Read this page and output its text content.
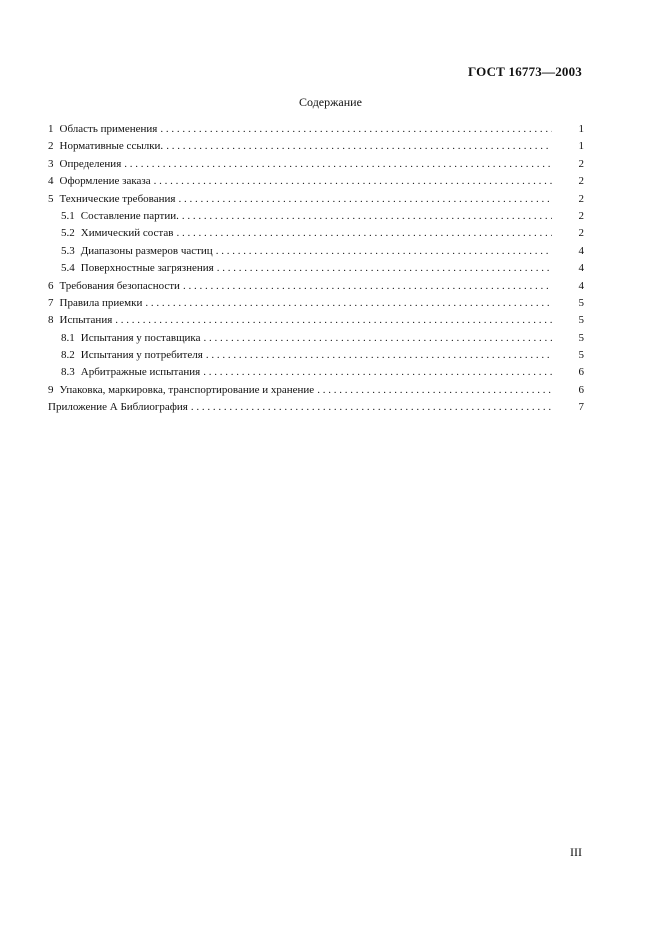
ГОСТ 16773—2003
Содержание
1 Область применения . . .	1
2 Нормативные ссылки. . . .	1
3 Определения . . .	2
4 Оформление заказа . . .	2
5 Технические требования . . .	2
5.1 Составление партии. . . .	2
5.2 Химический состав . . .	2
5.3 Диапазоны размеров частиц . . .	4
5.4 Поверхностные загрязнения . . .	4
6 Требования безопасности . . .	4
7 Правила приемки . . .	5
8 Испытания . . .	5
8.1 Испытания у поставщика . . .	5
8.2 Испытания у потребителя . . .	5
8.3 Арбитражные испытания . . .	6
9 Упаковка, маркировка, транспортирование и хранение . . .	6
Приложение А Библиография . . .	7
III
